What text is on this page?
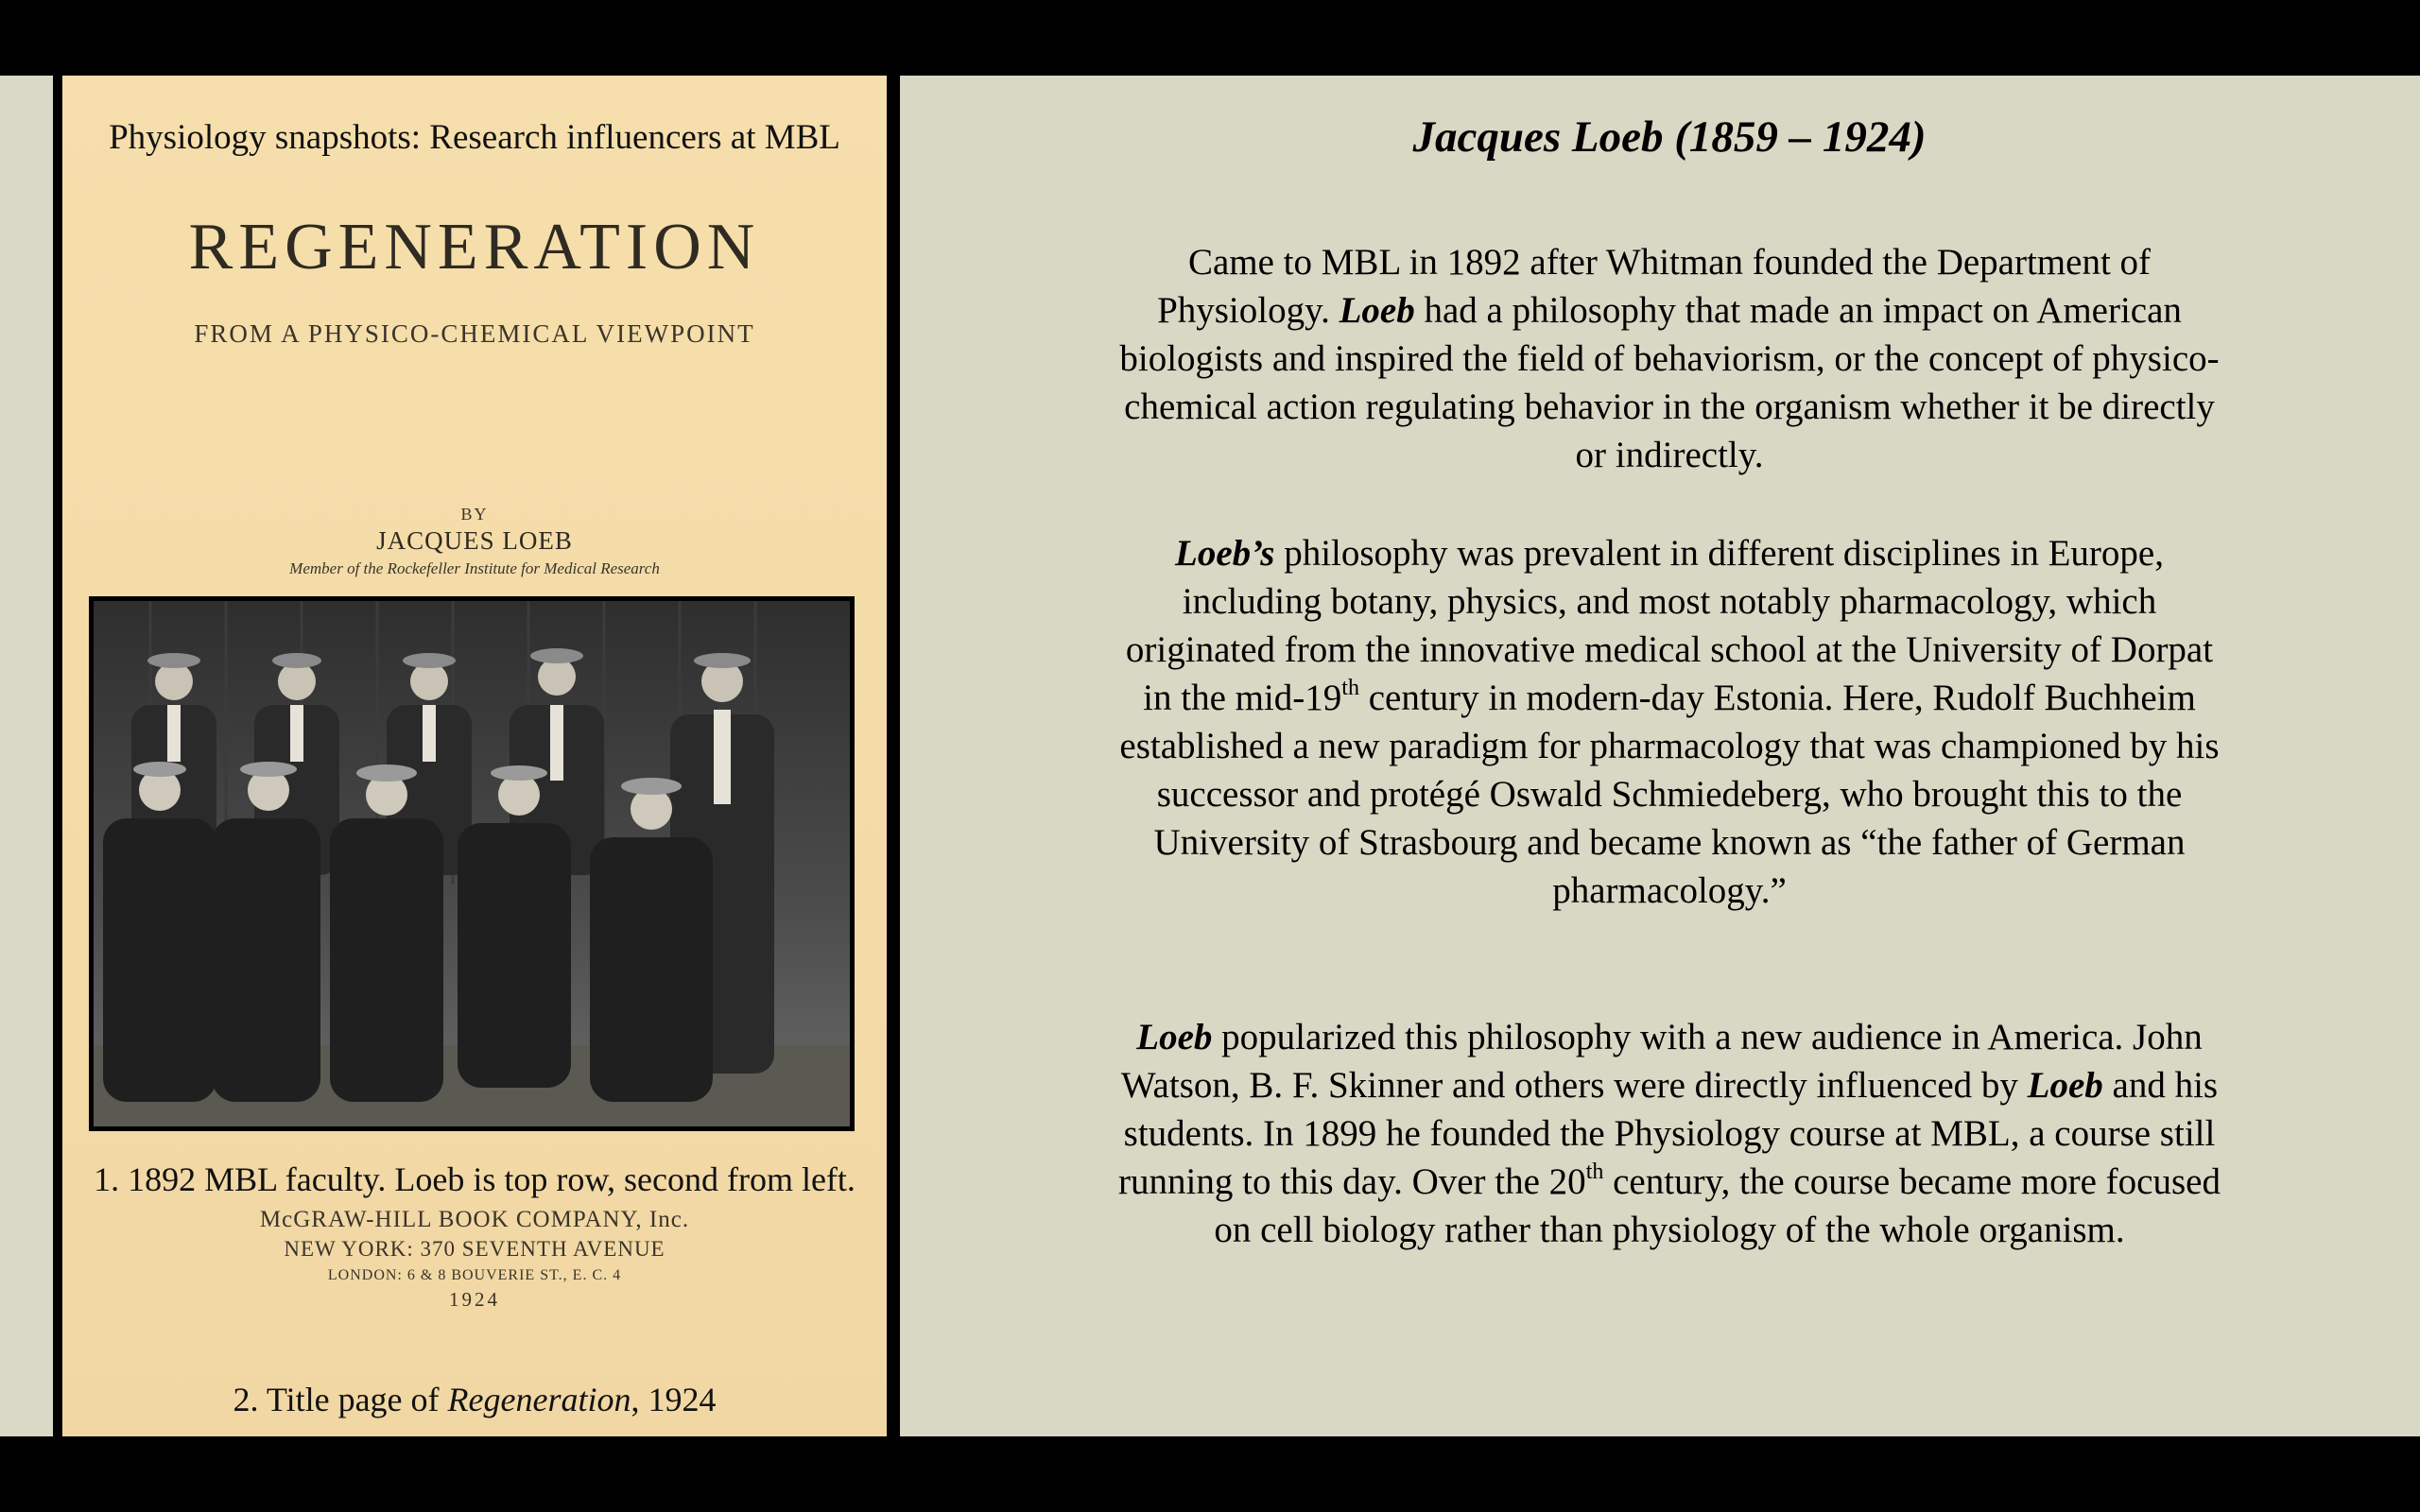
Physiology snapshots: Research influencers at MBL
REGENERATION
FROM A PHYSICO-CHEMICAL VIEWPOINT
BY
JACQUES LOEB
Member of the Rockefeller Institute for Medical Research
1. 1892 MBL faculty. Loeb is top row, second from left.
McGRAW-HILL BOOK COMPANY, Inc.
NEW YORK: 370 SEVENTH AVENUE
LONDON: 6 & 8 BOUVERIE ST., E. C. 4
1924
2. Title page of Regeneration, 1924
Jacques Loeb (1859 – 1924)
Came to MBL in 1892 after Whitman founded the Department of Physiology. Loeb had a philosophy that made an impact on American biologists and inspired the field of behaviorism, or the concept of physico-chemical action regulating behavior in the organism whether it be directly or indirectly.
Loeb’s philosophy was prevalent in different disciplines in Europe, including botany, physics, and most notably pharmacology, which originated from the innovative medical school at the University of Dorpat in the mid-19th century in modern-day Estonia. Here, Rudolf Buchheim established a new paradigm for pharmacology that was championed by his successor and protégé Oswald Schmiedeberg, who brought this to the University of Strasbourg and became known as “the father of German pharmacology.”
Loeb popularized this philosophy with a new audience in America. John Watson, B. F. Skinner and others were directly influenced by Loeb and his students. In 1899 he founded the Physiology course at MBL, a course still running to this day. Over the 20th century, the course became more focused on cell biology rather than physiology of the whole organism.
